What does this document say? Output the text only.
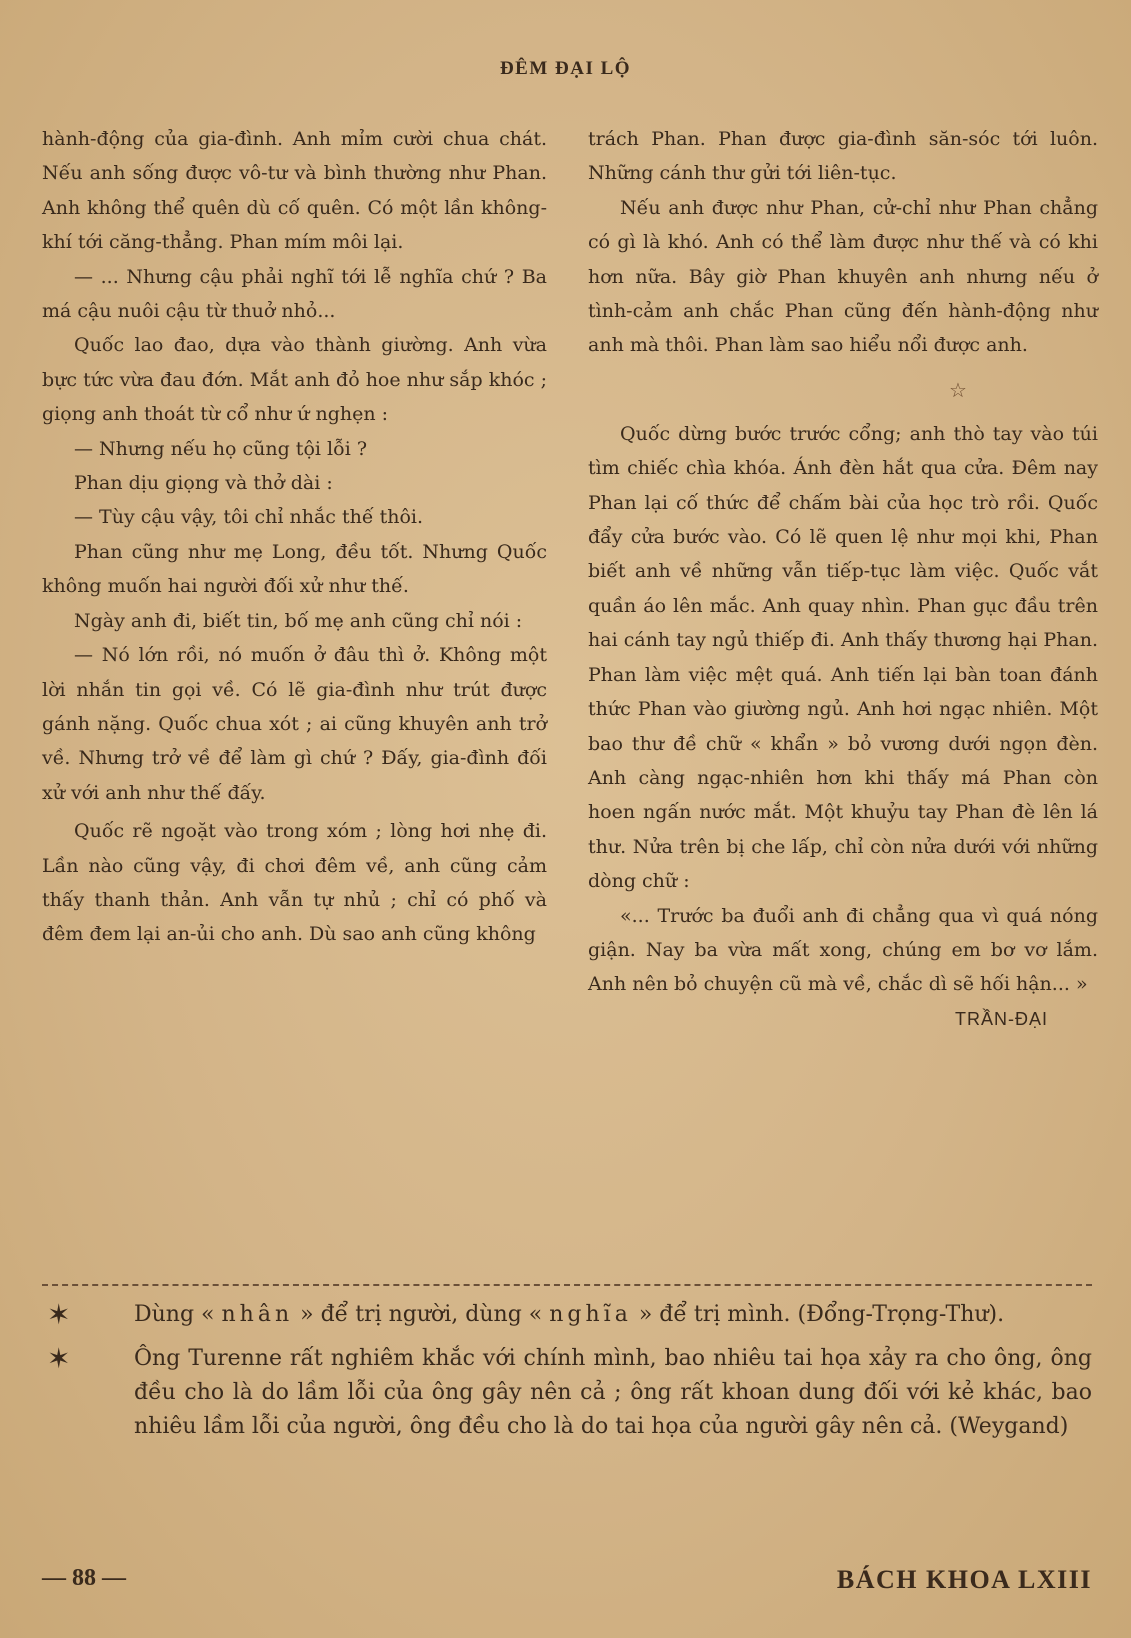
ĐÊM ĐẠI LỘ

hành-động của gia-đình. Anh mỉm cười chua chát. Nếu anh sống được vô-tư và bình thường như Phan. Anh không thể quên dù cố quên. Có một lần không-khí tới căng-thẳng. Phan mím môi lại.

— ... Nhưng cậu phải nghĩ tới lễ nghĩa chứ ? Ba má cậu nuôi cậu từ thuở nhỏ...

Quốc lao đao, dựa vào thành giường. Anh vừa bực tức vừa đau đớn. Mắt anh đỏ hoe như sắp khóc ; giọng anh thoát từ cổ như ứ nghẹn :

— Nhưng nếu họ cũng tội lỗi ?

Phan dịu giọng và thở dài :

— Tùy cậu vậy, tôi chỉ nhắc thế thôi.

Phan cũng như mẹ Long, đều tốt. Nhưng Quốc không muốn hai người đối xử như thế.

Ngày anh đi, biết tin, bố mẹ anh cũng chỉ nói :

— Nó lớn rồi, nó muốn ở đâu thì ở. Không một lời nhắn tin gọi về. Có lẽ gia-đình như trút được gánh nặng. Quốc chua xót ; ai cũng khuyên anh trở về. Nhưng trở về để làm gì chứ ? Đấy, gia-đình đối xử với anh như thế đấy.

Quốc rẽ ngoặt vào trong xóm ; lòng hơi nhẹ đi. Lần nào cũng vậy, đi chơi đêm về, anh cũng cảm thấy thanh thản. Anh vẫn tự nhủ ; chỉ có phố và đêm đem lại an-ủi cho anh. Dù sao anh cũng không

trách Phan. Phan được gia-đình săn-sóc tới luôn. Những cánh thư gửi tới liên-tục.

Nếu anh được như Phan, cử-chỉ như Phan chẳng có gì là khó. Anh có thể làm được như thế và có khi hơn nữa. Bây giờ Phan khuyên anh nhưng nếu ở tình-cảm anh chắc Phan cũng đến hành-động như anh mà thôi. Phan làm sao hiểu nổi được anh.

☆

Quốc dừng bước trước cổng; anh thò tay vào túi tìm chiếc chìa khóa. Ánh đèn hắt qua cửa. Đêm nay Phan lại cố thức để chấm bài của học trò rồi. Quốc đẩy cửa bước vào. Có lẽ quen lệ như mọi khi, Phan biết anh về những vẫn tiếp-tục làm việc. Quốc vắt quần áo lên mắc. Anh quay nhìn. Phan gục đầu trên hai cánh tay ngủ thiếp đi. Anh thấy thương hại Phan. Phan làm việc mệt quá. Anh tiến lại bàn toan đánh thức Phan vào giường ngủ. Anh hơi ngạc nhiên. Một bao thư đề chữ « khẩn » bỏ vương dưới ngọn đèn. Anh càng ngạc-nhiên hơn khi thấy má Phan còn hoen ngấn nước mắt. Một khuỷu tay Phan đè lên lá thư. Nửa trên bị che lấp, chỉ còn nửa dưới với những dòng chữ :

«... Trước ba đuổi anh đi chẳng qua vì quá nóng giận. Nay ba vừa mất xong, chúng em bơ vơ lắm. Anh nên bỏ chuyện cũ mà về, chắc dì sẽ hối hận... »

TRẦN-ĐẠI
✶	Dùng « nhân » để trị người, dùng « nghĩa » để trị mình. (Đổng-Trọng-Thư).
✶	Ông Turenne rất nghiêm khắc với chính mình, bao nhiêu tai họa xảy ra cho ông, ông đều cho là do lầm lỗi của ông gây nên cả ; ông rất khoan dung đối với kẻ khác, bao nhiêu lầm lỗi của người, ông đều cho là do tai họa của người gây nên cả. (Weygand)
— 88 —	BÁCH KHOA LXIII
